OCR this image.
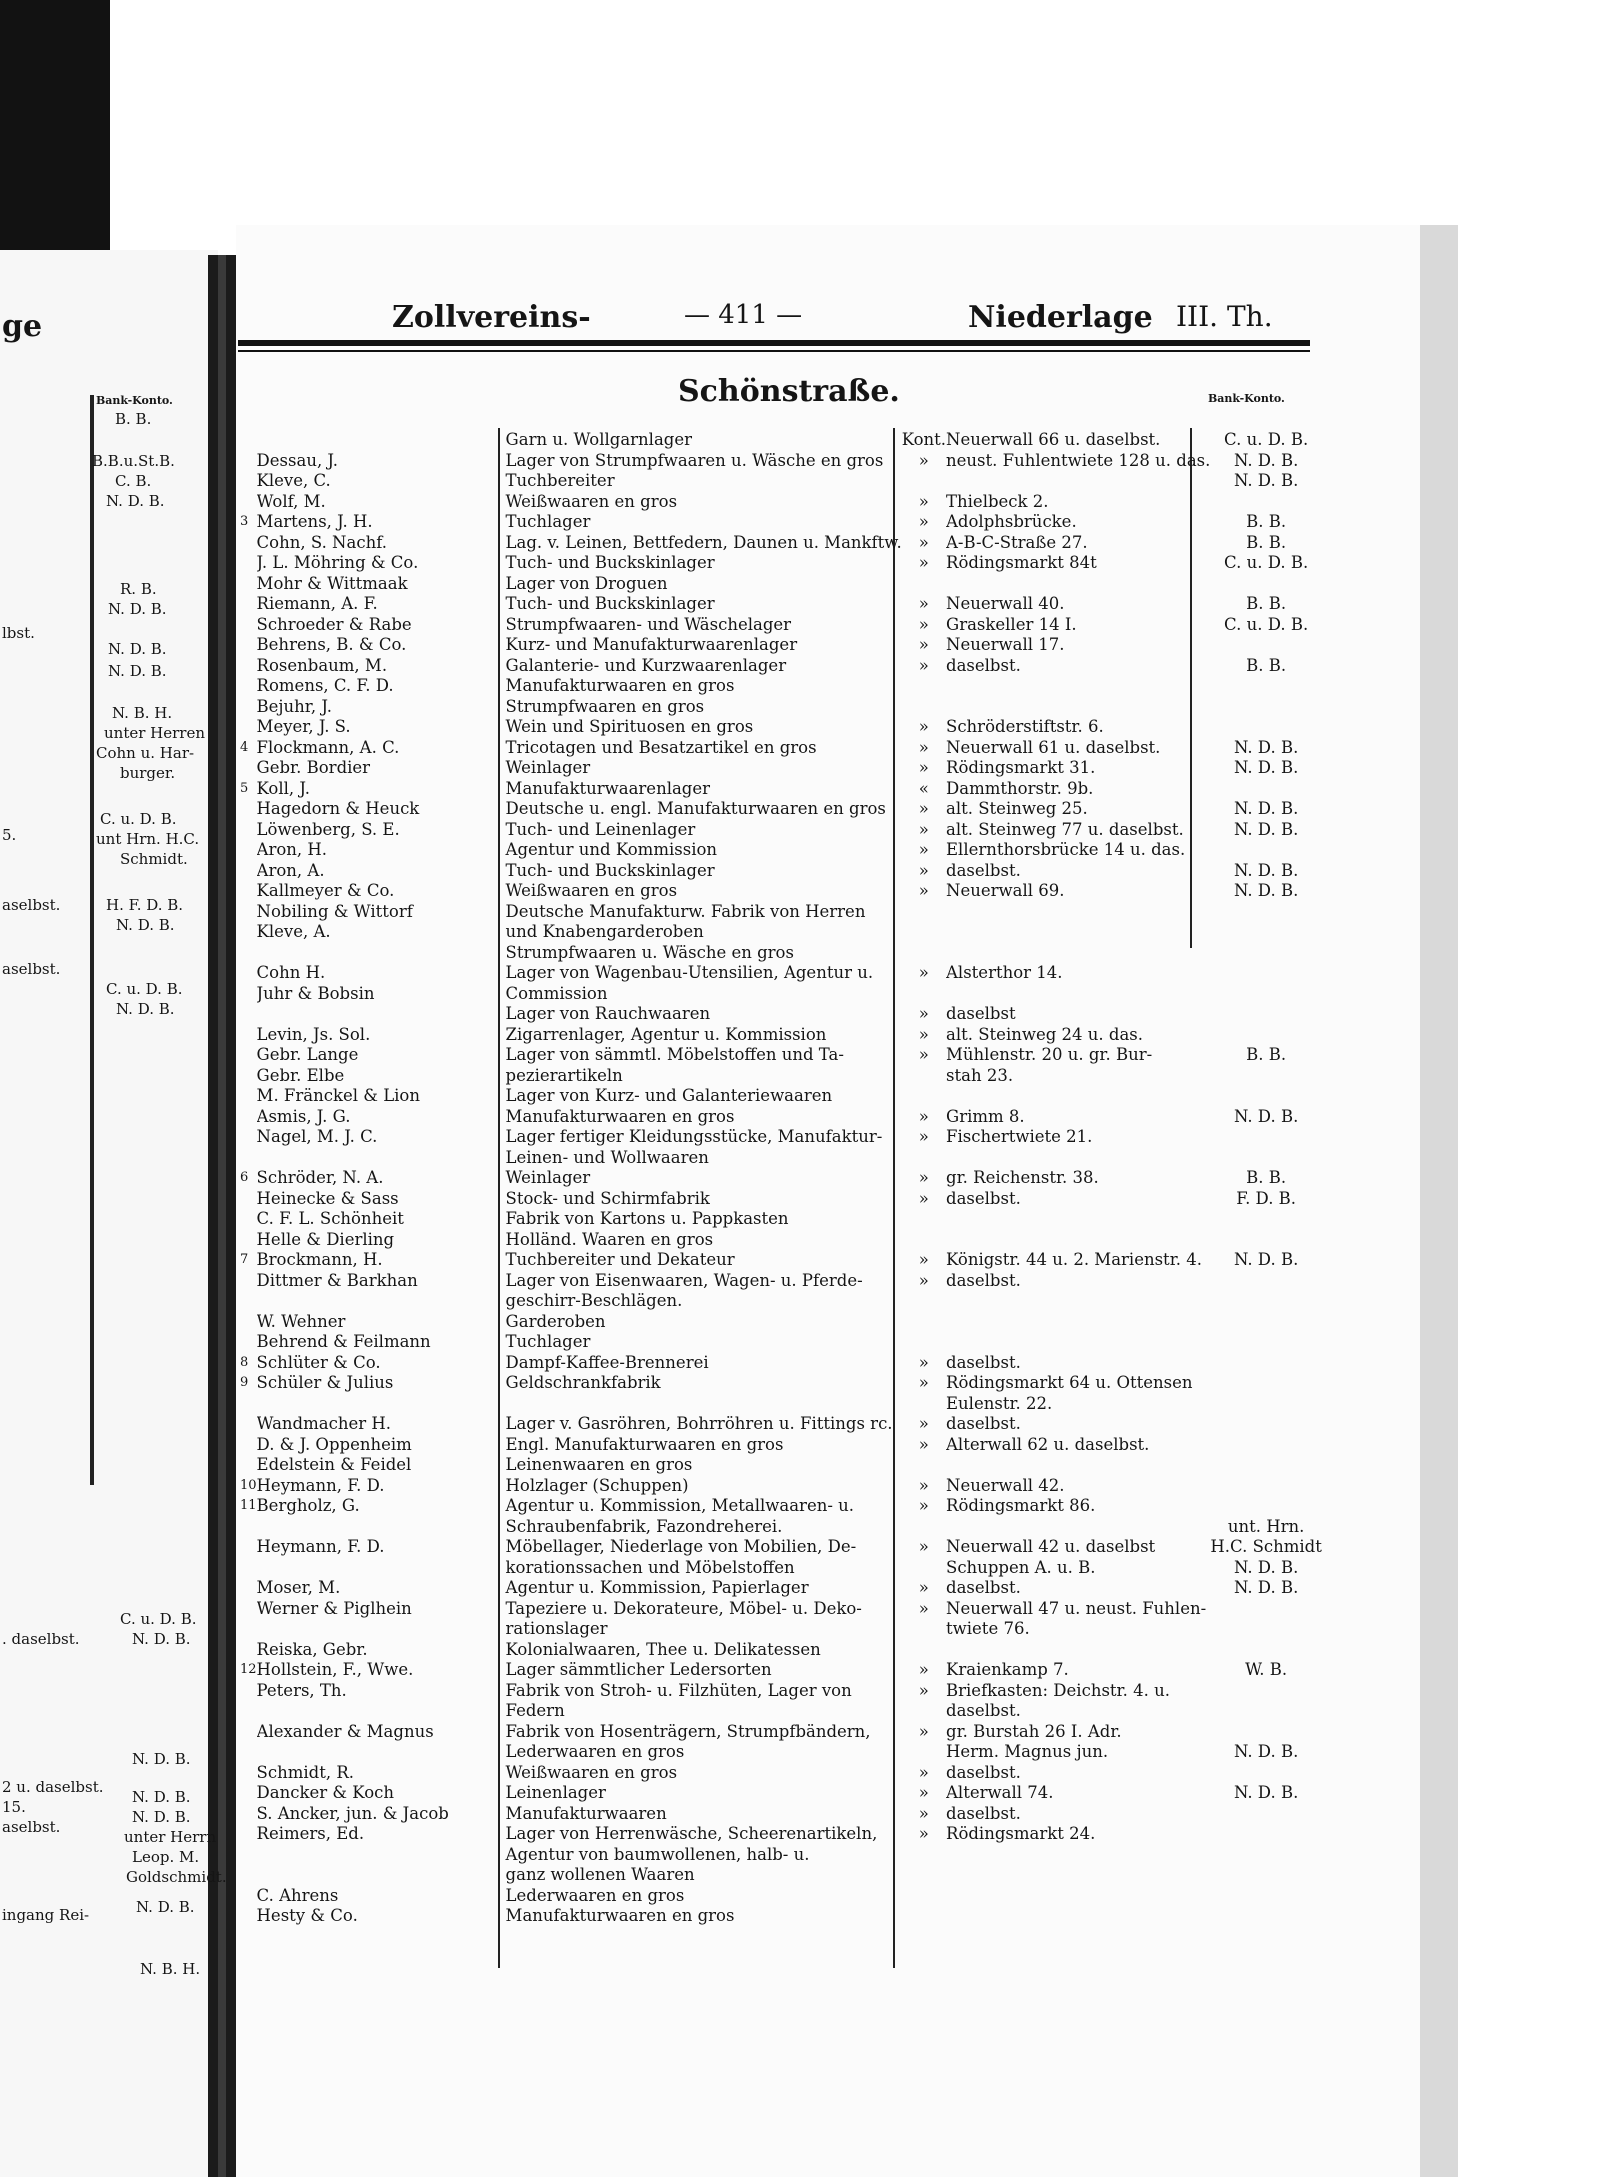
ge
Bank-Konto.
B. B.
B.B.u.St.B.
C. B.
N. D. B.
R. B.
N. D. B.
lbst.
N. D. B.
N. D. B.
N. B. H.
unter Herren
Cohn u. Har-
burger.
C. u. D. B.
5.	unt Hrn. H.C.
Schmidt.
aselbst.	H. F. D. B.
N. D. B.
aselbst.
C. u. D. B.
N. D. B.
. daselbst.
C. u. D. B.
N. D. B.
N. D. B.
2 u. daselbst.
15.
aselbst.
N. D. B.
N. D. B.
unter Herrn
Leop. M.
Goldschmidt.
ingang Rei-	N. D. B.
N. B. H.
Zollvereins-	— 411 —	Niederlage III. Th.
Schönstraße.	Bank-Konto.
		Garn u. Wollgarnlager	Kont.	Neuerwall 66 u. daselbst.	C. u. D. B.
	Dessau, J.	Lager von Strumpfwaaren u. Wäsche en gros	»	neust. Fuhlentwiete 128 u. das.	N. D. B.
	Kleve, C.	Tuchbereiter			N. D. B.
	Wolf, M.	Weißwaaren en gros	»	Thielbeck 2.	
3	Martens, J. H.	Tuchlager	»	Adolphsbrücke.	B. B.
	Cohn, S. Nachf.	Lag. v. Leinen, Bettfedern, Daunen u. Mankftw.	»	A-B-C-Straße 27.	B. B.
	J. L. Möhring & Co.	Tuch- und Buckskinlager	»	Rödingsmarkt 84t	C. u. D. B.
	Mohr & Wittmaak	Lager von Droguen			
	Riemann, A. F.	Tuch- und Buckskinlager	»	Neuerwall 40.	B. B.
	Schroeder & Rabe	Strumpfwaaren- und Wäschelager	»	Graskeller 14 I.	C. u. D. B.
	Behrens, B. & Co.	Kurz- und Manufakturwaarenlager	»	Neuerwall 17.	
	Rosenbaum, M.	Galanterie- und Kurzwaarenlager	»	daselbst.	B. B.
	Romens, C. F. D.	Manufakturwaaren en gros			
	Bejuhr, J.	Strumpfwaaren en gros			
	Meyer, J. S.	Wein und Spirituosen en gros	»	Schröderstiftstr. 6.	
4	Flockmann, A. C.	Tricotagen und Besatzartikel en gros	»	Neuerwall 61 u. daselbst.	N. D. B.
	Gebr. Bordier	Weinlager	»	Rödingsmarkt 31.	N. D. B.
5	Koll, J.	Manufakturwaarenlager	«	Dammthorstr. 9b.	
	Hagedorn & Heuck	Deutsche u. engl. Manufakturwaaren en gros	»	alt. Steinweg 25.	N. D. B.
	Löwenberg, S. E.	Tuch- und Leinenlager	»	alt. Steinweg 77 u. daselbst.	N. D. B.
	Aron, H.	Agentur und Kommission	»	Ellernthorsbrücke 14 u. das.	
	Aron, A.	Tuch- und Buckskinlager	»	daselbst.	N. D. B.
	Kallmeyer & Co.	Weißwaaren en gros	»	Neuerwall 69.	N. D. B.
	Nobiling & Wittorf	Deutsche Manufakturw. Fabrik von Herren			
	Kleve, A.	und Knabengarderoben			
		Strumpfwaaren u. Wäsche en gros			
	Cohn H.	Lager von Wagenbau-Utensilien, Agentur u.	»	Alsterthor 14.	
	Juhr & Bobsin	Commission			
		Lager von Rauchwaaren	»	daselbst	
	Levin, Js. Sol.	Zigarrenlager, Agentur u. Kommission	»	alt. Steinweg 24 u. das.	
	Gebr. Lange	Lager von sämmtl. Möbelstoffen und Ta-	»	Mühlenstr. 20 u. gr. Bur-	B. B.
	Gebr. Elbe	pezierartikeln		stah 23.	
	M. Fränckel & Lion	Lager von Kurz- und Galanteriewaaren			
	Asmis, J. G.	Manufakturwaaren en gros	»	Grimm 8.	N. D. B.
	Nagel, M. J. C.	Lager fertiger Kleidungsstücke, Manufaktur-	»	Fischertwiete 21.	
		Leinen- und Wollwaaren			
6	Schröder, N. A.	Weinlager	»	gr. Reichenstr. 38.	B. B.
	Heinecke & Sass	Stock- und Schirmfabrik	»	daselbst.	F. D. B.
	C. F. L. Schönheit	Fabrik von Kartons u. Pappkasten			
	Helle & Dierling	Holländ. Waaren en gros			
7	Brockmann, H.	Tuchbereiter und Dekateur	»	Königstr. 44 u. 2. Marienstr. 4.	N. D. B.
	Dittmer & Barkhan	Lager von Eisenwaaren, Wagen- u. Pferde-	»	daselbst.	
		geschirr-Beschlägen.			
	W. Wehner	Garderoben			
	Behrend & Feilmann	Tuchlager			
8	Schlüter & Co.	Dampf-Kaffee-Brennerei	»	daselbst.	
9	Schüler & Julius	Geldschrankfabrik	»	Rödingsmarkt 64 u. Ottensen	
				Eulenstr. 22.	
	Wandmacher H.	Lager v. Gasröhren, Bohrröhren u. Fittings rc.	»	daselbst.	
	D. & J. Oppenheim	Engl. Manufakturwaaren en gros	»	Alterwall 62 u. daselbst.	
	Edelstein & Feidel	Leinenwaaren en gros			
10	Heymann, F. D.	Holzlager (Schuppen)	»	Neuerwall 42.	
11	Bergholz, G.	Agentur u. Kommission, Metallwaaren- u.	»	Rödingsmarkt 86.	
		Schraubenfabrik, Fazondreherei.			unt. Hrn.
	Heymann, F. D.	Möbellager, Niederlage von Mobilien, De-	»	Neuerwall 42 u. daselbst	H.C. Schmidt
		korationssachen und Möbelstoffen		Schuppen A. u. B.	N. D. B.
	Moser, M.	Agentur u. Kommission, Papierlager	»	daselbst.	N. D. B.
	Werner & Piglhein	Tapeziere u. Dekorateure, Möbel- u. Deko-	»	Neuerwall 47 u. neust. Fuhlen-	
		rationslager		twiete 76.	
	Reiska, Gebr.	Kolonialwaaren, Thee u. Delikatessen			
12	Hollstein, F., Wwe.	Lager sämmtlicher Ledersorten	»	Kraienkamp 7.	W. B.
	Peters, Th.	Fabrik von Stroh- u. Filzhüten, Lager von	»	Briefkasten: Deichstr. 4. u.	
		Federn		daselbst.	
	Alexander & Magnus	Fabrik von Hosenträgern, Strumpfbändern,	»	gr. Burstah 26 I. Adr.	
		Lederwaaren en gros		Herm. Magnus jun.	N. D. B.
	Schmidt, R.	Weißwaaren en gros	»	daselbst.	
	Dancker & Koch	Leinenlager	»	Alterwall 74.	N. D. B.
	S. Ancker, jun. & Jacob	Manufakturwaaren	»	daselbst.	
	Reimers, Ed.	Lager von Herrenwäsche, Scheerenartikeln,	»	Rödingsmarkt 24.	
		Agentur von baumwollenen, halb- u.			
		ganz wollenen Waaren			
	C. Ahrens	Lederwaaren en gros			
	Hesty & Co.	Manufakturwaaren en gros			
